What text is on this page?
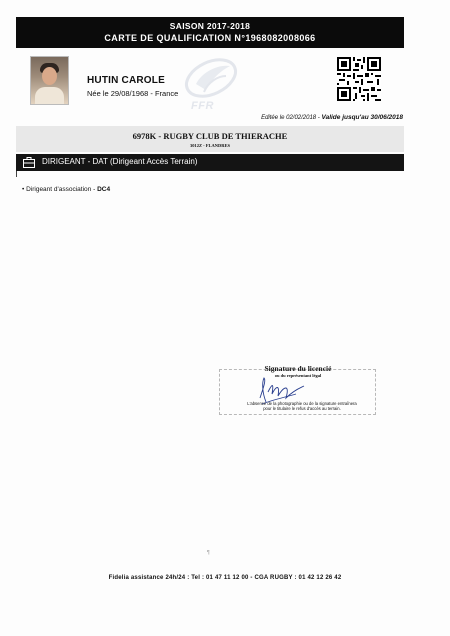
SAISON 2017-2018
CARTE DE QUALIFICATION N°1968082008066
HUTIN CAROLE
Née le 29/08/1968 - France
FFR
Editée le 02/02/2018 - Valide jusqu'au 30/06/2018
6978K - RUGBY CLUB DE THIERACHE
3012Z - FLANDRES
DIRIGEANT - DAT (Dirigeant Accès Terrain)
• Dirigeant d'association - DC4
Signature du licencié
ou du représentant légal
L'absence de la photographie ou de la signature entraînera
pour le titulaire le refus d'accès au terrain.
¶
Fidelia assistance 24h/24 : Tel : 01 47 11 12 00 - CGA RUGBY : 01 42 12 26 42
